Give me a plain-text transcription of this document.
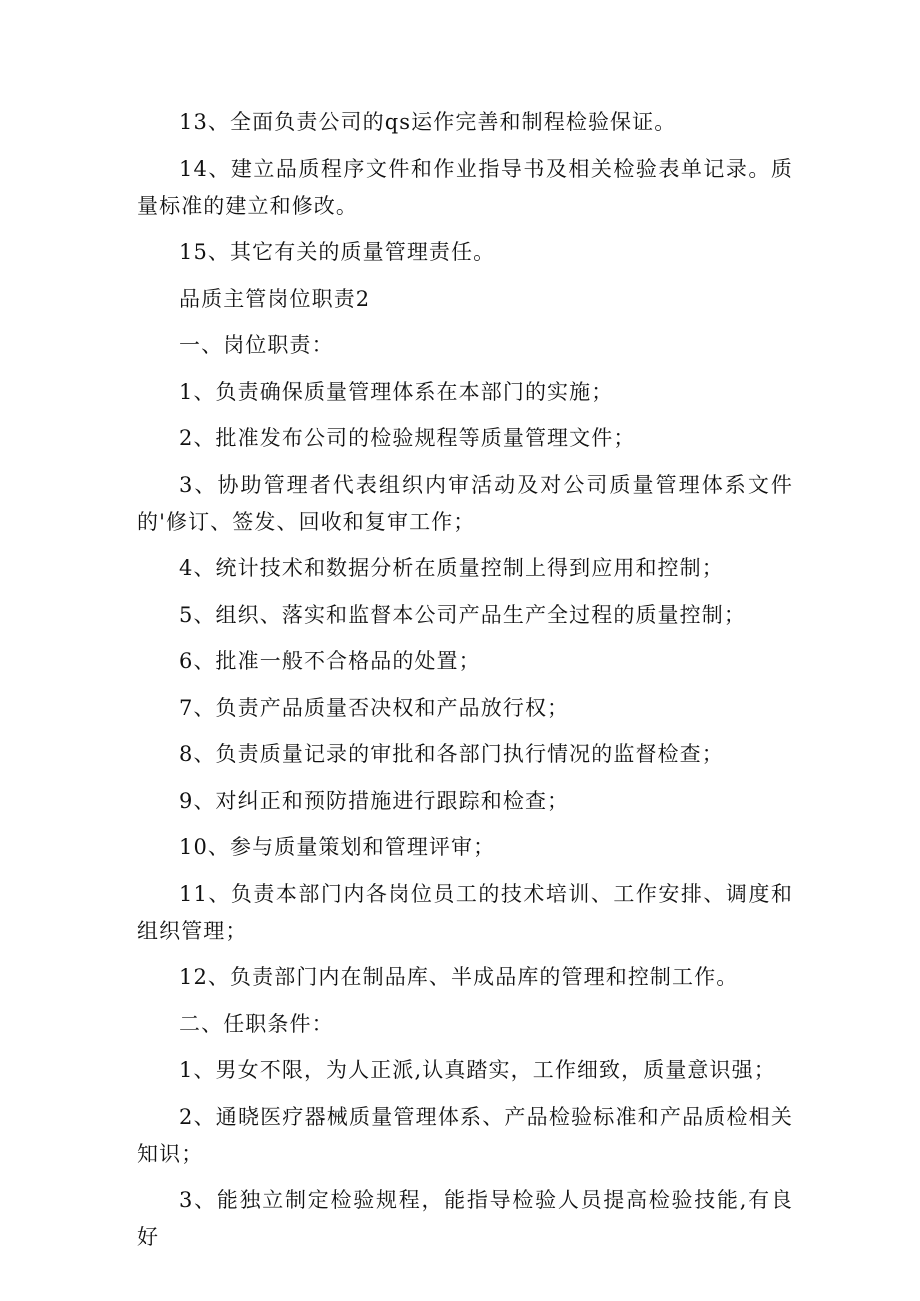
13、全面负责公司的qs运作完善和制程检验保证。

14、建立品质程序文件和作业指导书及相关检验表单记录。质量标准的建立和修改。

15、其它有关的质量管理责任。

品质主管岗位职责2

一、岗位职责：

1、负责确保质量管理体系在本部门的实施；

2、批准发布公司的检验规程等质量管理文件；

3、协助管理者代表组织内审活动及对公司质量管理体系文件的'修订、签发、回收和复审工作；

4、统计技术和数据分析在质量控制上得到应用和控制；

5、组织、落实和监督本公司产品生产全过程的质量控制；

6、批准一般不合格品的处置；

7、负责产品质量否决权和产品放行权；

8、负责质量记录的审批和各部门执行情况的监督检查；

9、对纠正和预防措施进行跟踪和检查；

10、参与质量策划和管理评审；

11、负责本部门内各岗位员工的技术培训、工作安排、调度和组织管理；

12、负责部门内在制品库、半成品库的管理和控制工作。

二、任职条件：

1、男女不限，为人正派,认真踏实，工作细致，质量意识强；

2、通晓医疗器械质量管理体系、产品检验标准和产品质检相关知识；

3、能独立制定检验规程，能指导检验人员提高检验技能,有良好
